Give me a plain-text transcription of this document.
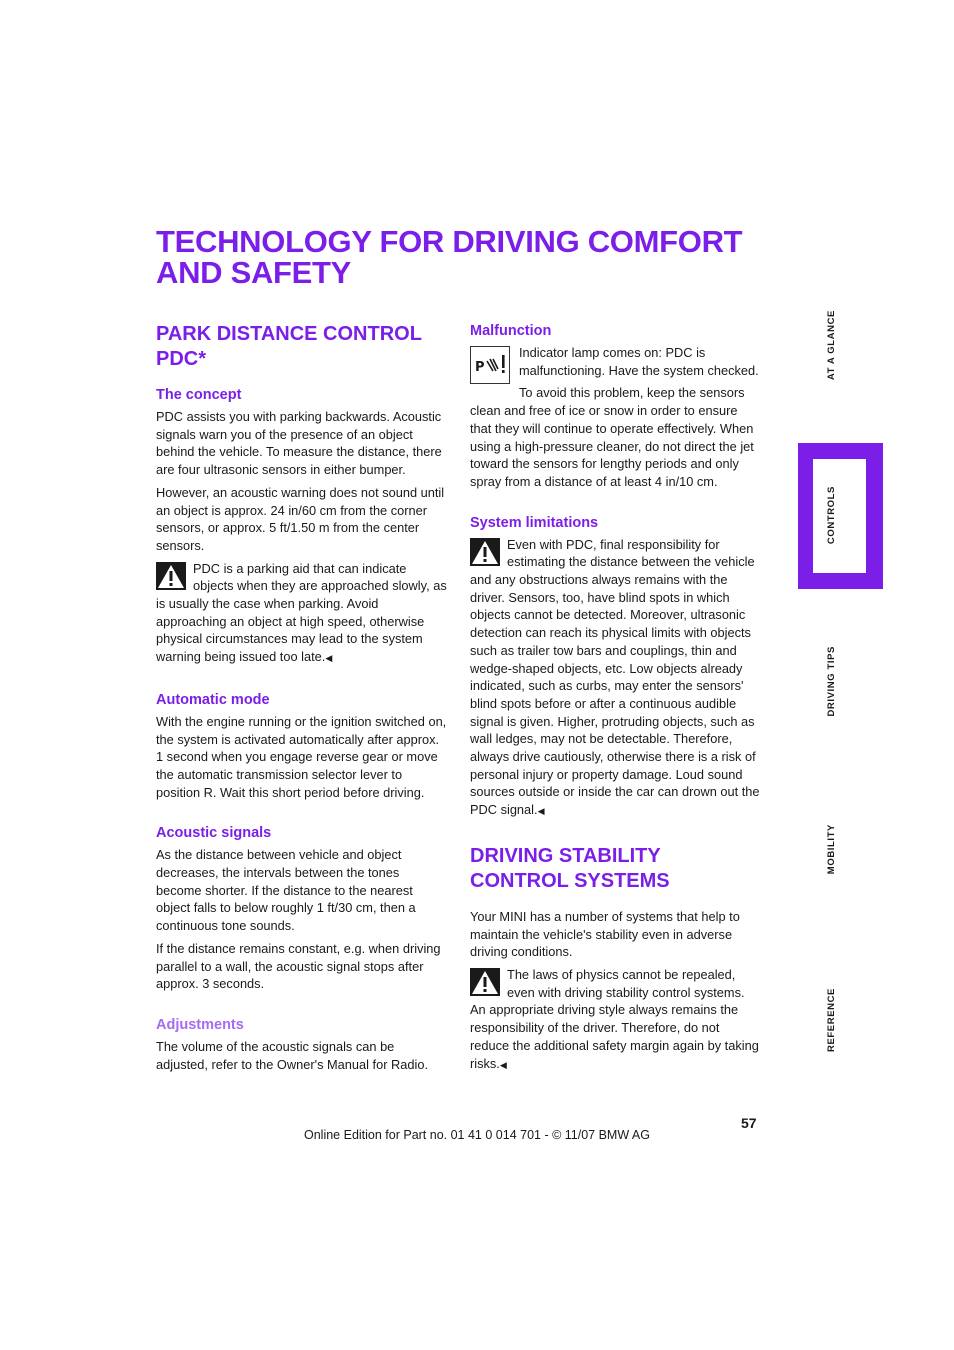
TECHNOLOGY FOR DRIVING COMFORT AND SAFETY
PARK DISTANCE CONTROL PDC*
The concept

PDC assists you with parking backwards. Acoustic signals warn you of the presence of an object behind the vehicle. To measure the distance, there are four ultrasonic sensors in either bumper.

However, an acoustic warning does not sound until an object is approx. 24 in/60 cm from the corner sensors, or approx. 5 ft/1.50 m from the center sensors.

PDC is a parking aid that can indicate objects when they are approached slowly, as is usually the case when parking. Avoid approaching an object at high speed, otherwise physical circumstances may lead to the system warning being issued too late.◀

Automatic mode

With the engine running or the ignition switched on, the system is activated automatically after approx. 1 second when you engage reverse gear or move the automatic transmission selector lever to position R. Wait this short period before driving.

Acoustic signals

As the distance between vehicle and object decreases, the intervals between the tones become shorter. If the distance to the nearest object falls to below roughly 1 ft/30 cm, then a continuous tone sounds.

If the distance remains constant, e.g. when driving parallel to a wall, the acoustic signal stops after approx. 3 seconds.

Adjustments

The volume of the acoustic signals can be adjusted, refer to the Owner's Manual for Radio.

Malfunction

P
Indicator lamp comes on: PDC is malfunctioning. Have the system checked.

To avoid this problem, keep the sensors clean and free of ice or snow in order to ensure that they will continue to operate effectively. When using a high-pressure cleaner, do not direct the jet toward the sensors for lengthy periods and only spray from a distance of at least 4 in/10 cm.

System limitations

Even with PDC, final responsibility for estimating the distance between the vehicle and any obstructions always remains with the driver. Sensors, too, have blind spots in which objects cannot be detected. Moreover, ultrasonic detection can reach its physical limits with objects such as trailer tow bars and couplings, thin and wedge-shaped objects, etc. Low objects already indicated, such as curbs, may enter the sensors' blind spots before or after a continuous audible signal is given. Higher, protruding objects, such as wall ledges, may not be detectable. Therefore, always drive cautiously, otherwise there is a risk of personal injury or property damage. Loud sound sources outside or inside the car can drown out the PDC signal.◀

DRIVING STABILITY CONTROL SYSTEMS

Your MINI has a number of systems that help to maintain the vehicle's stability even in adverse driving conditions.

The laws of physics cannot be repealed, even with driving stability control systems. An appropriate driving style always remains the responsibility of the driver. Therefore, do not reduce the additional safety margin again by taking risks.◀

AT A GLANCE
CONTROLS
DRIVING TIPS
MOBILITY
REFERENCE
57
Online Edition for Part no. 01 41 0 014 701 - © 11/07 BMW AG
